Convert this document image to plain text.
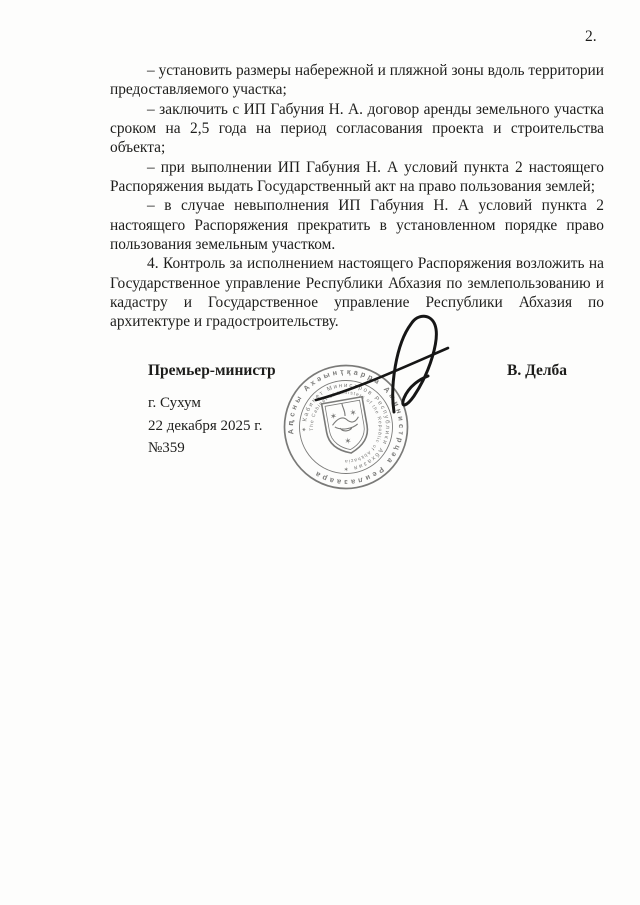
2.

– установить размеры набережной и пляжной зоны вдоль территории предоставляемого участка;

– заключить с ИП Габуния Н. А. договор аренды земельного участка сроком на 2,5 года на период согласования проекта и строительства объекта;

– при выполнении ИП Габуния Н. А условий пункта 2 настоящего Распоряжения выдать Государственный акт на право пользования землей;

– в случае невыполнения ИП Габуния Н. А условий пункта 2 настоящего Распоряжения прекратить в установленном порядке право пользования земельным участком.

4. Контроль за исполнением настоящего Распоряжения возложить на Государственное управление Республики Абхазия по землепользованию и кадастру и Государственное управление Республики Абхазия по архитектуре и градостроительству.

Премьер-министр	В. Делба
г. Сухум
22 декабря 2025 г.
№359
Аԥсны Ахәынҭқарра Аминистрцәа Реилазаара
✶ Кабинет Министров Республики Абхазия ✶
The Cabinet of Ministers of the Republic of Abkhazia
✶ ✶
✶
